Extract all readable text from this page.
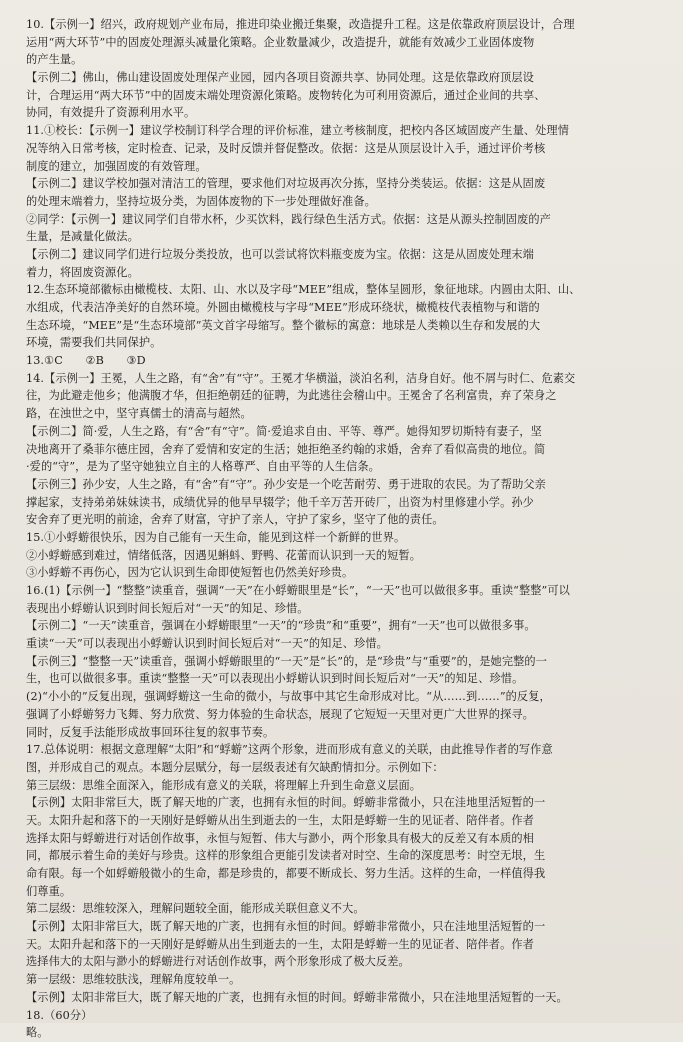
10.【示例一】绍兴，政府规划产业布局，推进印染业搬迁集聚，改造提升工程。这是依靠政府顶层设计，合理

运用“两大环节”中的固废处理源头减量化策略。企业数量减少，改造提升，就能有效减少工业固体废物

的产生量。

【示例二】佛山，佛山建设固废处理保产业园，园内各项目资源共享、协同处理。这是依靠政府顶层设

计，合理运用“两大环节”中的固废末端处理资源化策略。废物转化为可利用资源后，通过企业间的共享、

协同，有效提升了资源利用水平。

11.①校长：【示例一】建议学校制订科学合理的评价标准，建立考核制度，把校内各区域固废产生量、处理情

况等纳入日常考核，定时检查、记录，及时反馈并督促整改。依据：这是从顶层设计入手，通过评价考核

制度的建立，加强固废的有效管理。

【示例二】建议学校加强对清洁工的管理，要求他们对垃圾再次分拣，坚持分类装运。依据：这是从固废

的处理末端着力，坚持垃圾分类，为固体废物的下一步处理做好准备。

②同学：【示例一】建议同学们自带水杯，少买饮料，践行绿色生活方式。依据：这是从源头控制固废的产

生量，是减量化做法。

【示例二】建议同学们进行垃圾分类投放，也可以尝试将饮料瓶变废为宝。依据：这是从固废处理末端

着力，将固废资源化。

12.生态环境部徽标由橄榄枝、太阳、山、水以及字母“MEE”组成，整体呈圆形，象征地球。内圆由太阳、山、

水组成，代表洁净美好的自然环境。外圆由橄榄枝与字母“MEE”形成环绕状，橄榄枝代表植物与和谐的

生态环境，“MEE”是“生态环境部”英文首字母缩写。整个徽标的寓意：地球是人类赖以生存和发展的大

环境，需要我们共同保护。

13.①C　　②B　　③D

14.【示例一】王冕，人生之路，有“舍”有“守”。王冕才华横溢，淡泊名利，洁身自好。他不屑与时仁、危素交

往，为此避走他乡；他满腹才华，但拒绝朝廷的征聘，为此逃往会稽山中。王冕舍了名利富贵，弃了荣身之

路，在浊世之中，坚守真儒士的清高与超然。

【示例二】简·爱，人生之路，有“舍”有“守”。简·爱追求自由、平等、尊严。她得知罗切斯特有妻子，坚

决地离开了桑菲尔德庄园，舍弃了爱情和安定的生活；她拒绝圣约翰的求婚，舍弃了看似高贵的地位。简

·爱的“守”，是为了坚守她独立自主的人格尊严、自由平等的人生信条。

【示例三】孙少安，人生之路，有“舍”有“守”。孙少安是一个吃苦耐劳、勇于进取的农民。为了帮助父亲

撑起家，支持弟弟妹妹读书，成绩优异的他早早辍学；他千辛万苦开砖厂，出资为村里修建小学。孙少

安舍弃了更光明的前途，舍弃了财富，守护了亲人，守护了家乡，坚守了他的责任。

15.①小蜉蝣很快乐，因为自己能有一天生命，能见到这样一个新鲜的世界。

②小蜉蝣感到难过，情绪低落，因遇见蝌蚪、野鸭、花蕾而认识到一天的短暂。

③小蜉蝣不再伤心，因为它认识到生命即使短暂也仍然美好珍贵。

16.(1)【示例一】“整整”读重音，强调“一天”在小蜉蝣眼里是“长”，“一天”也可以做很多事。重读“整整”可以

表现出小蜉蝣认识到时间长短后对“一天”的知足、珍惜。

【示例二】“一天”读重音，强调在小蜉蝣眼里“一天”的“珍贵”和“重要”，拥有“一天”也可以做很多事。

重读“一天”可以表现出小蜉蝣认识到时间长短后对“一天”的知足、珍惜。

【示例三】“整整一天”读重音，强调小蜉蝣眼里的“一天”是“长”的，是“珍贵”与“重要”的，是她完整的一

生，也可以做很多事。重读“整整一天”可以表现出小蜉蝣认识到时间长短后对“一天”的知足、珍惜。

(2)“小小的”反复出现，强调蜉蝣这一生命的微小，与故事中其它生命形成对比。“从……到……”的反复，

强调了小蜉蝣努力飞舞、努力欣赏、努力体验的生命状态，展现了它短短一天里对更广大世界的探寻。

同时，反复手法能形成故事回环往复的叙事节奏。

17.总体说明：根据文意理解“太阳”和“蜉蝣”这两个形象，进而形成有意义的关联，由此推导作者的写作意

图，并形成自己的观点。本题分层赋分，每一层级表述有欠缺酌情扣分。示例如下：

第三层级：思维全面深入，能形成有意义的关联，将理解上升到生命意义层面。

【示例】太阳非常巨大，既了解天地的广袤，也拥有永恒的时间。蜉蝣非常微小，只在洼地里活短暂的一

天。太阳升起和落下的一天刚好是蜉蝣从出生到逝去的一生，太阳是蜉蝣一生的见证者、陪伴者。作者

选择太阳与蜉蝣进行对话创作故事，永恒与短暂、伟大与渺小，两个形象具有极大的反差又有本质的相

同，都展示着生命的美好与珍贵。这样的形象组合更能引发读者对时空、生命的深度思考：时空无垠，生

命有限。每一个如蜉蝣般微小的生命，都是珍贵的，都要不断成长、努力生活。这样的生命，一样值得我

们尊重。

第二层级：思维较深入，理解问题较全面，能形成关联但意义不大。

【示例】太阳非常巨大，既了解天地的广袤，也拥有永恒的时间。蜉蝣非常微小，只在洼地里活短暂的一

天。太阳升起和落下的一天刚好是蜉蝣从出生到逝去的一生，太阳是蜉蝣一生的见证者、陪伴者。作者

选择伟大的太阳与渺小的蜉蝣进行对话创作故事，两个形象形成了极大反差。

第一层级：思维较肤浅，理解角度较单一。

【示例】太阳非常巨大，既了解天地的广袤，也拥有永恒的时间。蜉蝣非常微小，只在洼地里活短暂的一天。

18.（60分）

略。
